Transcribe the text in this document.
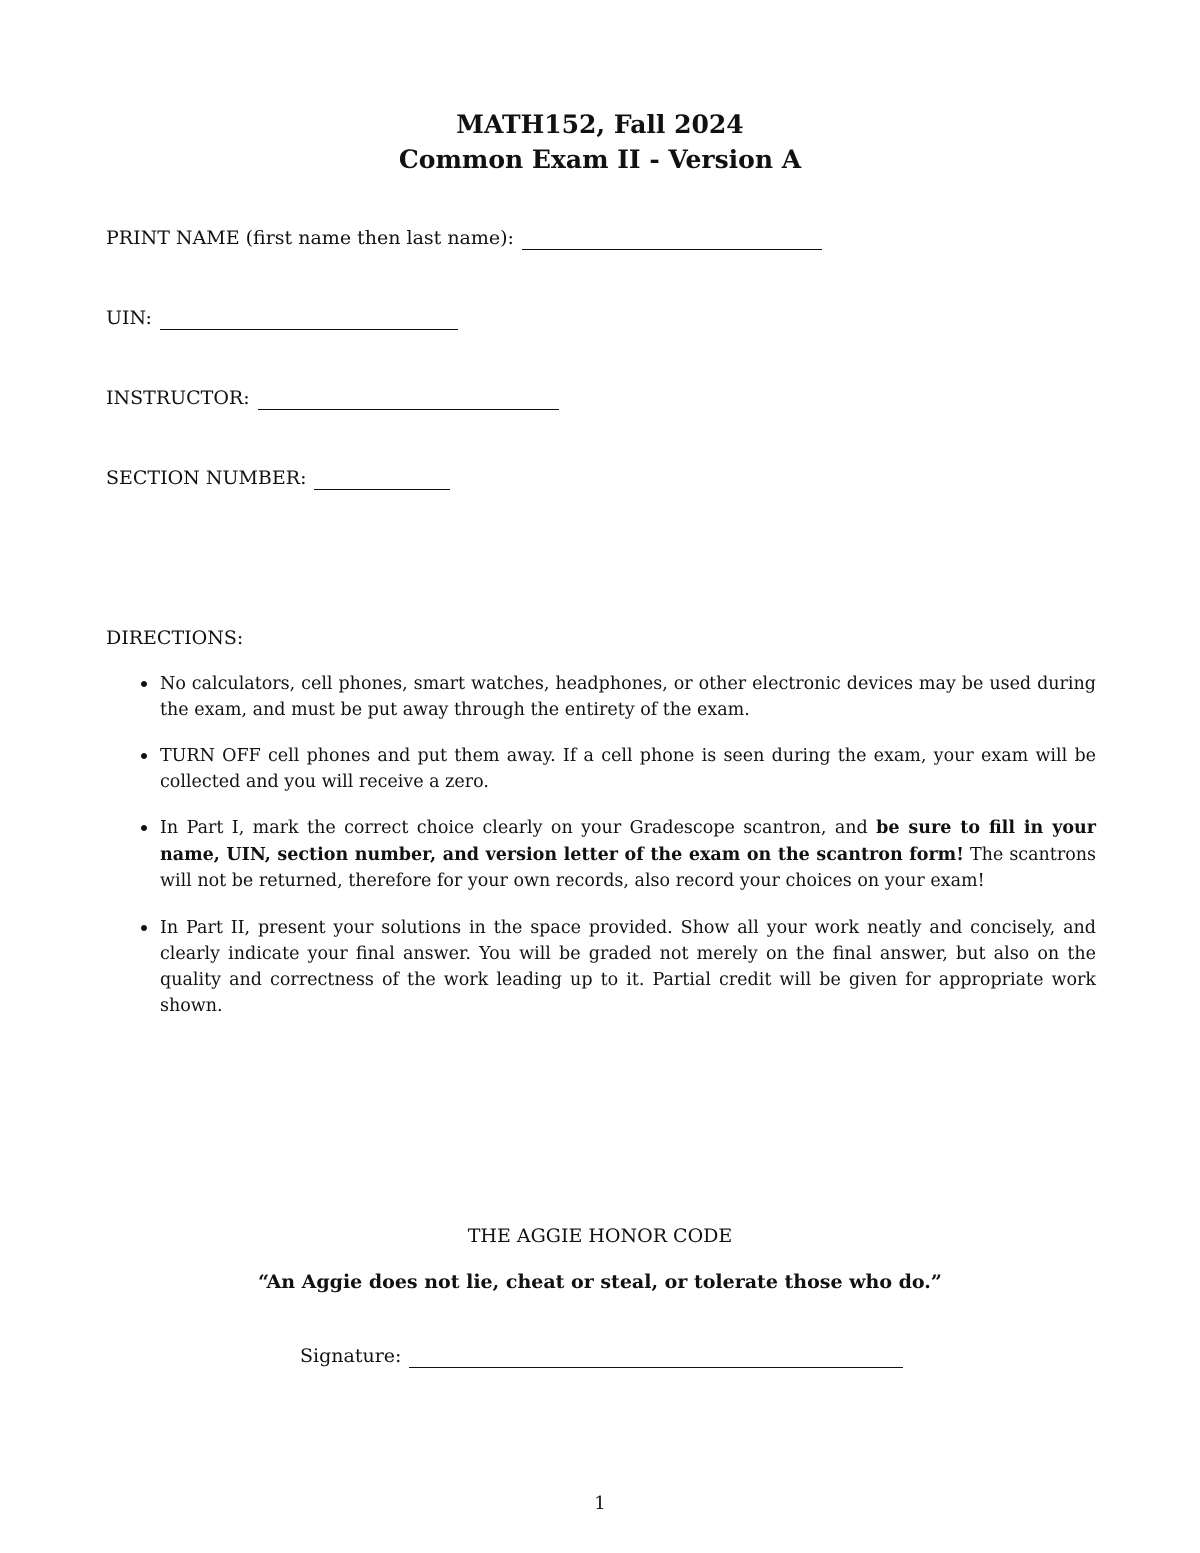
MATH152, Fall 2024
Common Exam II - Version A
PRINT NAME (first name then last name):
UIN:
INSTRUCTOR:
SECTION NUMBER:
DIRECTIONS:
No calculators, cell phones, smart watches, headphones, or other electronic devices may be used during the exam, and must be put away through the entirety of the exam.
TURN OFF cell phones and put them away. If a cell phone is seen during the exam, your exam will be collected and you will receive a zero.
In Part I, mark the correct choice clearly on your Gradescope scantron, and be sure to fill in your name, UIN, section number, and version letter of the exam on the scantron form! The scantrons will not be returned, therefore for your own records, also record your choices on your exam!
In Part II, present your solutions in the space provided. Show all your work neatly and concisely, and clearly indicate your final answer. You will be graded not merely on the final answer, but also on the quality and correctness of the work leading up to it. Partial credit will be given for appropriate work shown.
THE AGGIE HONOR CODE
“An Aggie does not lie, cheat or steal, or tolerate those who do.”
Signature:
1
